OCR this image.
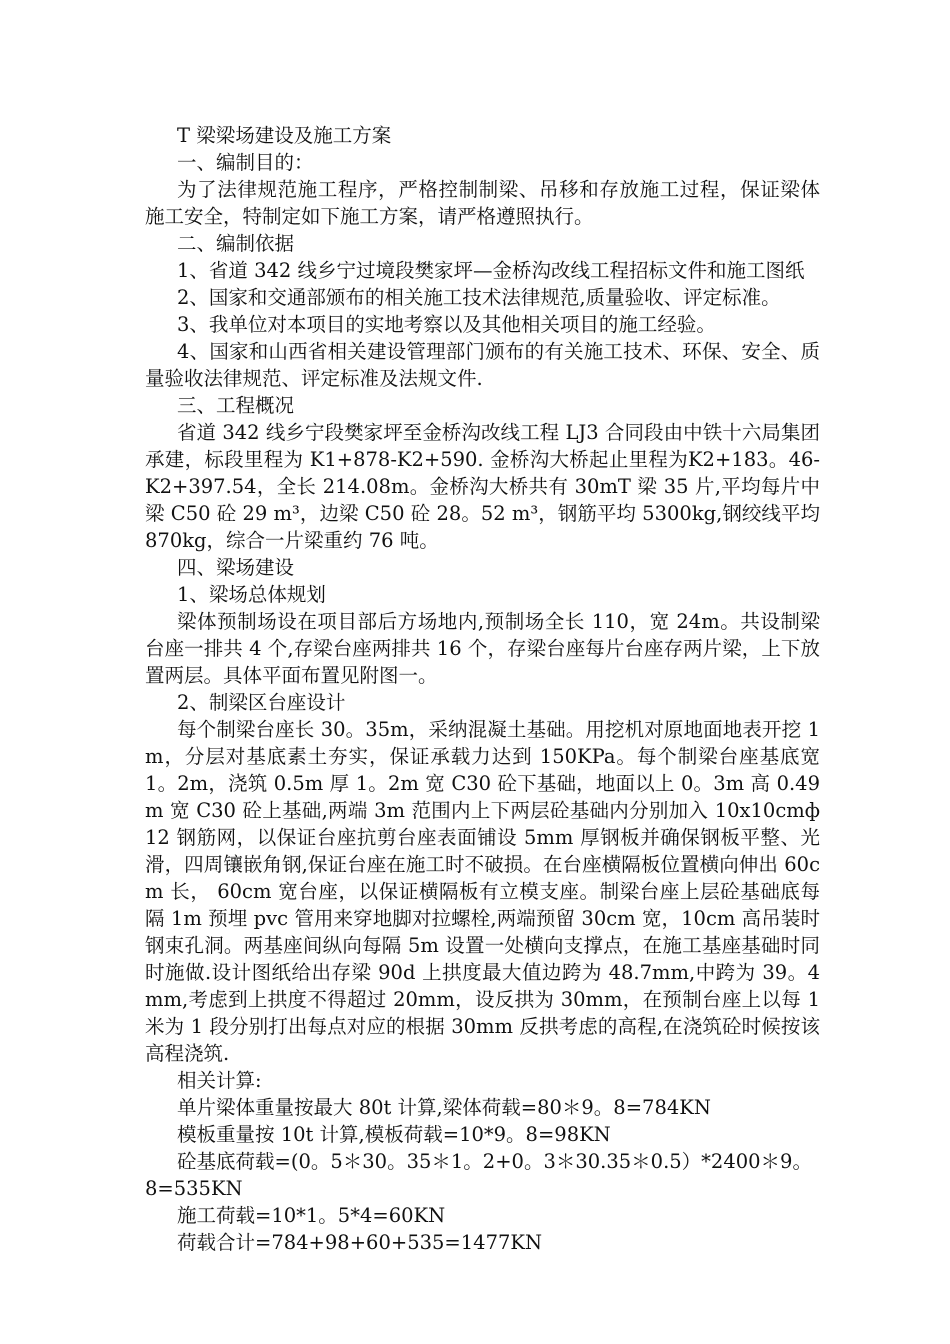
T 梁梁场建设及施工方案

一、编制目的：

为了法律规范施工程序，严格控制制梁、吊移和存放施工过程，保证梁体施工安全，特制定如下施工方案，请严格遵照执行。

二、编制依据

1、省道 342 线乡宁过境段樊家坪—金桥沟改线工程招标文件和施工图纸

2、国家和交通部颁布的相关施工技术法律规范,质量验收、评定标准。

3、我单位对本项目的实地考察以及其他相关项目的施工经验。

4、国家和山西省相关建设管理部门颁布的有关施工技术、环保、安全、质量验收法律规范、评定标准及法规文件.

三、工程概况

省道 342 线乡宁段樊家坪至金桥沟改线工程 LJ3 合同段由中铁十六局集团承建，标段里程为 K1+878-K2+590. 金桥沟大桥起止里程为K2+183。46-K2+397.54，全长 214.08m。金桥沟大桥共有 30mT 梁 35 片,平均每片中梁 C50 砼 29 m³，边梁 C50 砼 28。52 m³，钢筋平均 5300kg,钢绞线平均 870kg，综合一片梁重约 76 吨。

四、梁场建设

1、梁场总体规划

梁体预制场设在项目部后方场地内,预制场全长 110，宽 24m。共设制梁台座一排共 4 个,存梁台座两排共 16 个，存梁台座每片台座存两片梁，上下放置两层。具体平面布置见附图一。

2、制梁区台座设计

每个制梁台座长 30。35m，采纳混凝土基础。用挖机对原地面地表开挖 1m，分层对基底素土夯实，保证承载力达到 150KPa。每个制梁台座基底宽 1。2m，浇筑 0.5m 厚 1。2m 宽 C30 砼下基础，地面以上 0。3m 高 0.49m 宽 C30 砼上基础,两端 3m 范围内上下两层砼基础内分别加入 10x10cmф12 钢筋网，以保证台座抗剪台座表面铺设 5mm 厚钢板并确保钢板平整、光滑，四周镶嵌角钢,保证台座在施工时不破损。在台座横隔板位置横向伸出 60cm 长， 60cm 宽台座，以保证横隔板有立模支座。制梁台座上层砼基础底每隔 1m 预埋 pvc 管用来穿地脚对拉螺栓,两端预留 30cm 宽，10cm 高吊装时钢束孔洞。两基座间纵向每隔 5m 设置一处横向支撑点，在施工基座基础时同时施做.设计图纸给出存梁 90d 上拱度最大值边跨为 48.7mm,中跨为 39。4mm,考虑到上拱度不得超过 20mm，设反拱为 30mm，在预制台座上以每 1 米为 1 段分别打出每点对应的根据 30mm 反拱考虑的高程,在浇筑砼时候按该高程浇筑.

相关计算:

单片梁体重量按最大 80t 计算,梁体荷载=80＊9。8=784KN

模板重量按 10t 计算,模板荷载=10*9。8=98KN

砼基底荷载=(0。5＊30。35＊1。2+0。3＊30.35＊0.5）*2400＊9。8=535KN

施工荷载=10*1。5*4=60KN

荷载合计=784+98+60+535=1477KN
